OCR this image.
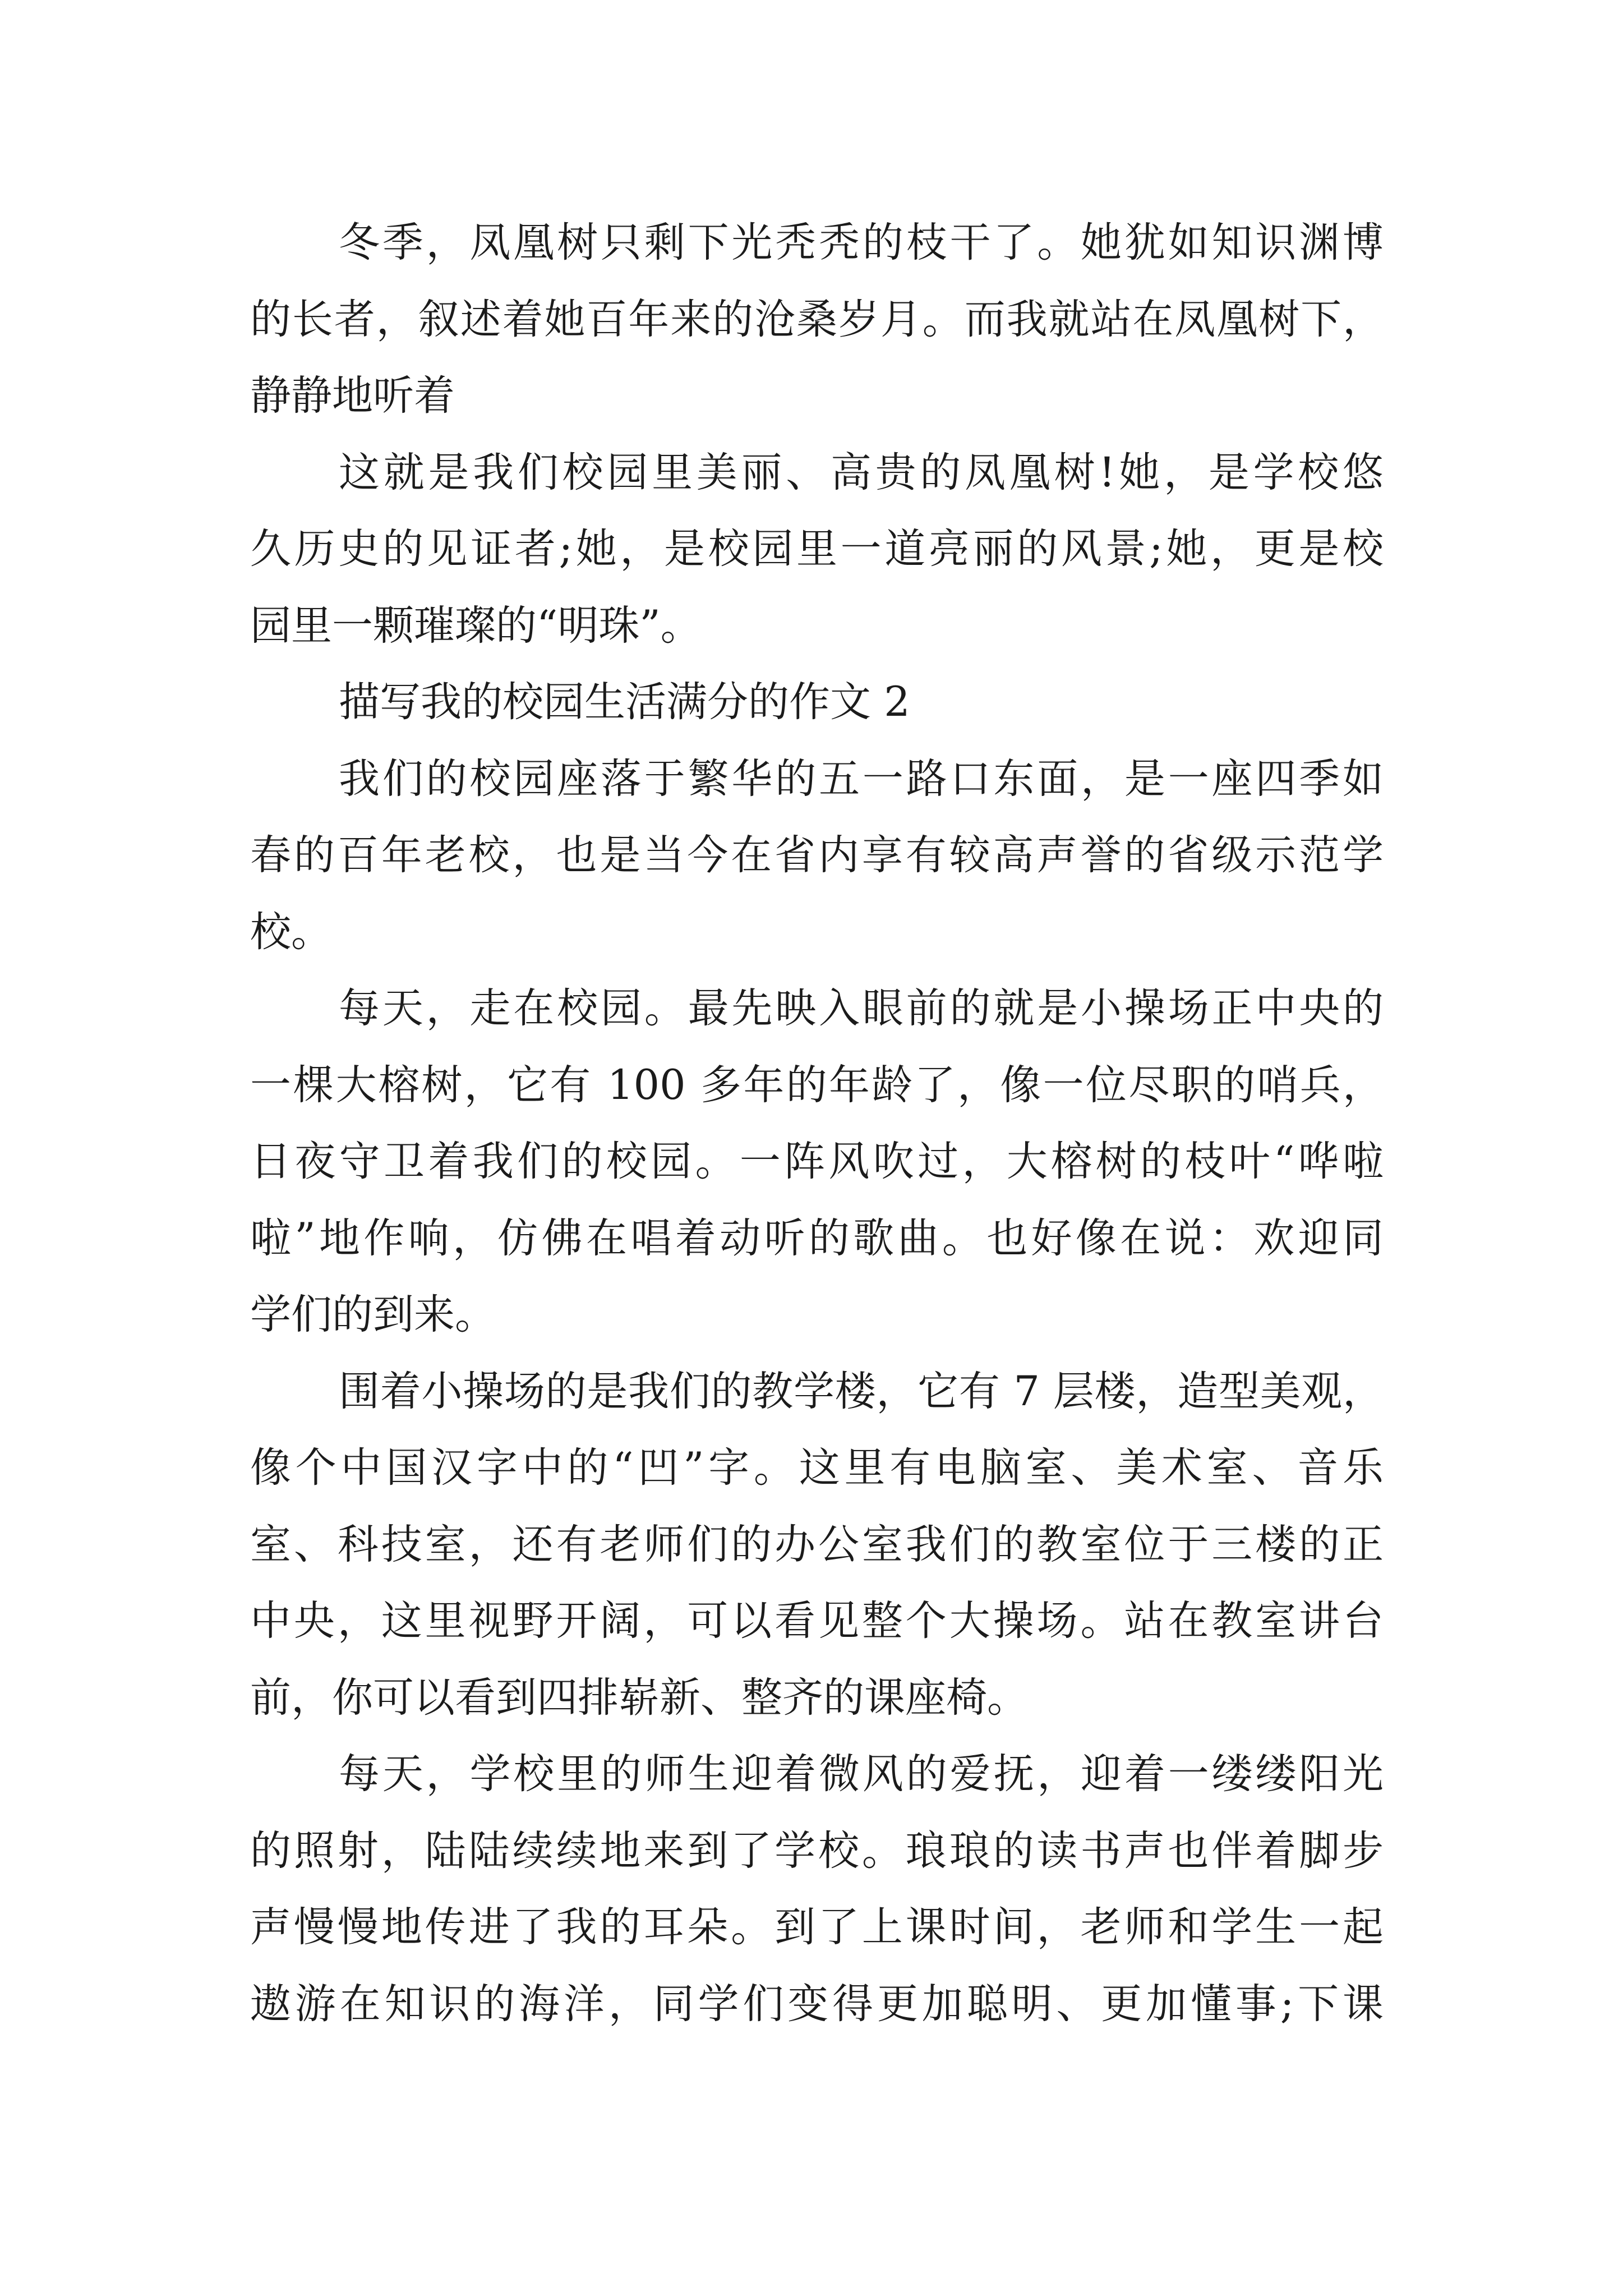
冬季，凤凰树只剩下光秃秃的枝干了。她犹如知识渊博
的长者，叙述着她百年来的沧桑岁月。而我就站在凤凰树下，
静静地听着
这就是我们校园里美丽、高贵的凤凰树!她，是学校悠
久历史的见证者;她，是校园里一道亮丽的风景;她，更是校
园里一颗璀璨的“明珠”。
描写我的校园生活满分的作文 2
我们的校园座落于繁华的五一路口东面，是一座四季如
春的百年老校，也是当今在省内享有较高声誉的省级示范学
校。
每天，走在校园。最先映入眼前的就是小操场正中央的
一棵大榕树，它有 100 多年的年龄了，像一位尽职的哨兵，
日夜守卫着我们的校园。一阵风吹过，大榕树的枝叶“哗啦
啦”地作响，仿佛在唱着动听的歌曲。也好像在说：欢迎同
学们的到来。
围着小操场的是我们的教学楼，它有 7 层楼，造型美观，
像个中国汉字中的“凹”字。这里有电脑室、美术室、音乐
室、科技室，还有老师们的办公室我们的教室位于三楼的正
中央，这里视野开阔，可以看见整个大操场。站在教室讲台
前，你可以看到四排崭新、整齐的课座椅。
每天，学校里的师生迎着微风的爱抚，迎着一缕缕阳光
的照射，陆陆续续地来到了学校。琅琅的读书声也伴着脚步
声慢慢地传进了我的耳朵。到了上课时间，老师和学生一起
遨游在知识的海洋，同学们变得更加聪明、更加懂事;下课
